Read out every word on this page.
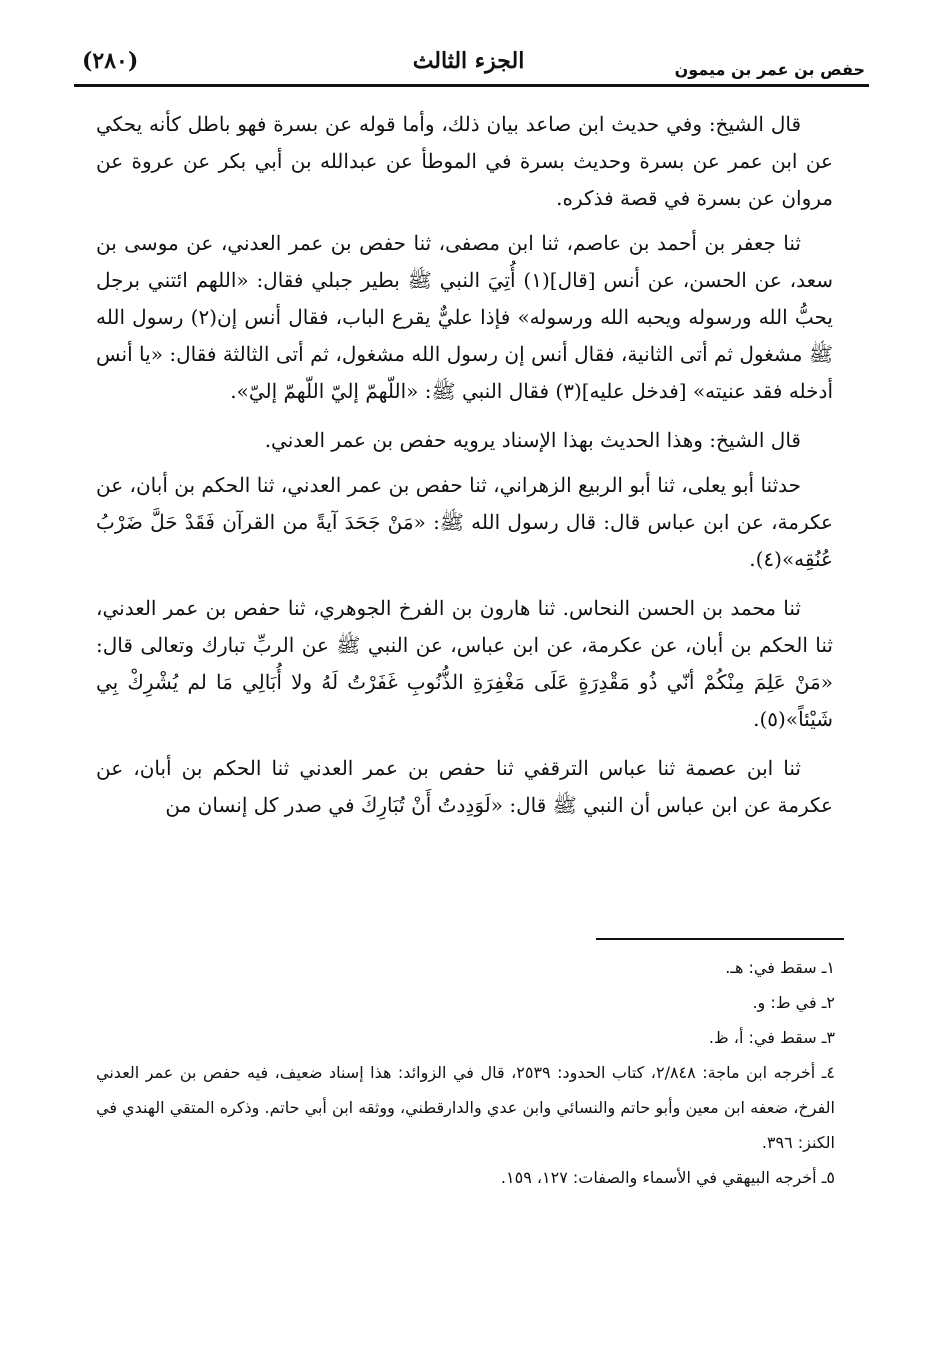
حفص بن عمر بن ميمون
الجزء الثالث
(٢٨٠)

قال الشيخ: وفي حديث ابن صاعد بيان ذلك، وأما قوله عن بسرة فهو باطل كأنه يحكي عن ابن عمر عن بسرة وحديث بسرة في الموطأ عن عبدالله بن أبي بكر عن عروة عن مروان عن بسرة في قصة فذكره.

ثنا جعفر بن أحمد بن عاصم، ثنا ابن مصفى، ثنا حفص بن عمر العدني، عن موسى بن سعد، عن الحسن، عن أنس [قال](١) أُتِيَ النبي ﷺ بطير جبلي فقال: «اللهم ائتني برجل يحبُّ الله ورسوله ويحبه الله ورسوله» فإذا عليٌّ يقرع الباب، فقال أنس إن(٢) رسول الله ﷺ مشغول ثم أتى الثانية، فقال أنس إن رسول الله مشغول، ثم أتى الثالثة فقال: «يا أنس أدخله فقد عنيته» [فدخل عليه](٣) فقال النبي ﷺ: «اللّهمّ إليّ اللّهمّ إليّ».

قال الشيخ: وهذا الحديث بهذا الإسناد يرويه حفص بن عمر العدني.

حدثنا أبو يعلى، ثنا أبو الربيع الزهراني، ثنا حفص بن عمر العدني، ثنا الحكم بن أبان، عن عكرمة، عن ابن عباس قال: قال رسول الله ﷺ: «مَنْ جَحَدَ آيةً من القرآن فَقَدْ حَلَّ ضَرْبُ عُنُقِه»(٤).

ثنا محمد بن الحسن النحاس. ثنا هارون بن الفرخ الجوهري، ثنا حفص بن عمر العدني، ثنا الحكم بن أبان، عن عكرمة، عن ابن عباس، عن النبي ﷺ عن الربِّ تبارك وتعالى قال: «مَنْ عَلِمَ مِنْكُمْ أنّي ذُو مَقْدِرَةٍ عَلَى مَغْفِرَةِ الذُّنُوبِ غَفَرْتُ لَهُ ولا أُبَالِي مَا لم يُشْرِكْ بِي شَيْئاً»(٥).

ثنا ابن عصمة ثنا عباس الترقفي ثنا حفص بن عمر العدني ثنا الحكم بن أبان، عن عكرمة عن ابن عباس أن النبي ﷺ قال: «لَوَدِدتُ أَنْ تُبَارِكَ في صدر كل إنسان من

١ـ سقط في: هـ.

٢ـ في ط: و.

٣ـ سقط في: أ، ظ.

٤ـ أخرجه ابن ماجة: ٢/٨٤٨، كتاب الحدود: ٢٥٣٩، قال في الزوائد: هذا إسناد ضعيف، فيه حفص بن عمر العدني الفرخ، ضعفه ابن معين وأبو حاتم والنسائي وابن عدي والدارقطني، ووثقه ابن أبي حاتم. وذكره المتقي الهندي في الكنز: ٣٩٦.

٥ـ أخرجه البيهقي في الأسماء والصفات: ١٢٧، ١٥٩.
